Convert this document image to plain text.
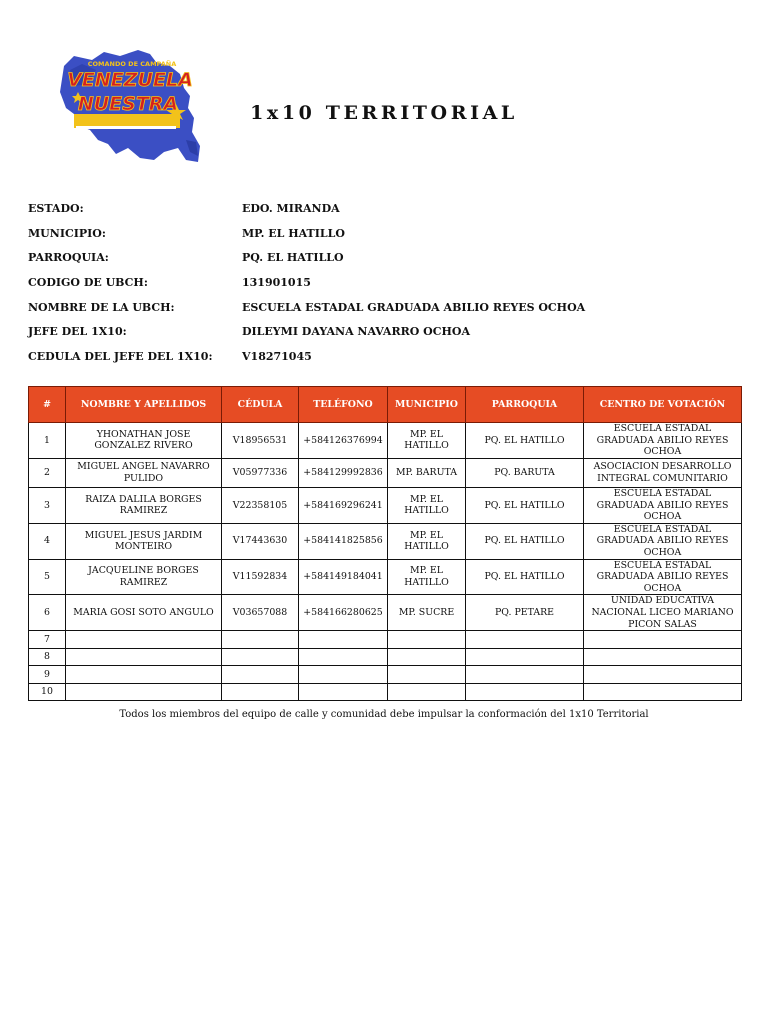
COMANDO DE CAMPAÑA
VENEZUELA
NUESTRA	1x10 TERRITORIAL
ESTADO:	EDO. MIRANDA
MUNICIPIO:	MP. EL HATILLO
PARROQUIA:	PQ. EL HATILLO
CODIGO DE UBCH:	131901015
NOMBRE DE LA UBCH:	ESCUELA ESTADAL GRADUADA ABILIO REYES OCHOA
JEFE DEL 1X10:	DILEYMI DAYANA NAVARRO OCHOA
CEDULA DEL JEFE DEL 1X10:	V18271045
#	NOMBRE Y APELLIDOS	CÉDULA	TELÉFONO	MUNICIPIO	PARROQUIA	CENTRO DE VOTACIÓN
1	YHONATHAN JOSE GONZALEZ RIVERO	V18956531	+584126376994	MP. EL HATILLO	PQ. EL HATILLO	ESCUELA ESTADAL GRADUADA ABILIO REYES OCHOA
2	MIGUEL ANGEL NAVARRO PULIDO	V05977336	+584129992836	MP. BARUTA	PQ. BARUTA	ASOCIACION DESARROLLO INTEGRAL COMUNITARIO
3	RAIZA DALILA BORGES RAMIREZ	V22358105	+584169296241	MP. EL HATILLO	PQ. EL HATILLO	ESCUELA ESTADAL GRADUADA ABILIO REYES OCHOA
4	MIGUEL JESUS JARDIM MONTEIRO	V17443630	+584141825856	MP. EL HATILLO	PQ. EL HATILLO	ESCUELA ESTADAL GRADUADA ABILIO REYES OCHOA
5	JACQUELINE BORGES RAMIREZ	V11592834	+584149184041	MP. EL HATILLO	PQ. EL HATILLO	ESCUELA ESTADAL GRADUADA ABILIO REYES OCHOA
6	MARIA GOSI SOTO ANGULO	V03657088	+584166280625	MP. SUCRE	PQ. PETARE	UNIDAD EDUCATIVA NACIONAL LICEO MARIANO PICON SALAS
7						
8						
9						
10						
Todos los miembros del equipo de calle y comunidad debe impulsar la conformación del 1x10 Territorial
